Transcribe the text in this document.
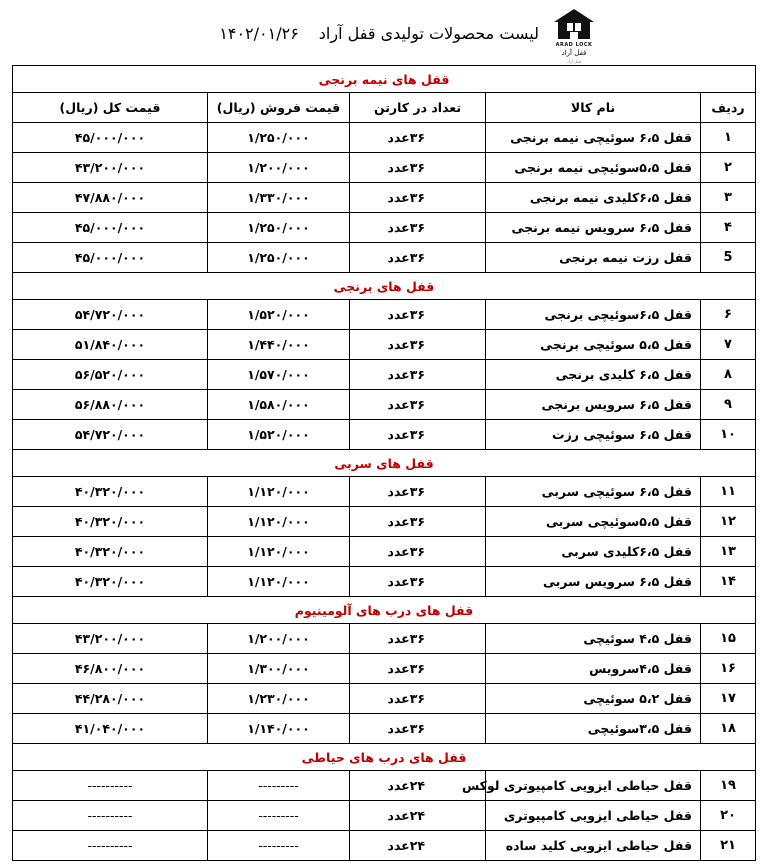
ARAD LOCK
قفل آراد
قفل آراد
لیست محصولات تولیدی قفل آراد۱۴۰۲/۰۱/۲۶
قفل های نیمه برنجی				
ردیف	نام کالا	تعداد در کارتن	قیمت فروش (ریال)	قیمت کل (ریال)
۱	قفل ۶،۵ سوئیچی نیمه برنجی	۳۶عدد	۱/۲۵۰/۰۰۰	۴۵/۰۰۰/۰۰۰
۲	قفل ۵،۵سوئیچی نیمه برنجی	۳۶عدد	۱/۲۰۰/۰۰۰	۴۳/۲۰۰/۰۰۰
۳	قفل ۶،۵کلیدی نیمه برنجی	۳۶عدد	۱/۳۳۰/۰۰۰	۴۷/۸۸۰/۰۰۰
۴	قفل ۶،۵ سرویس نیمه برنجی	۳۶عدد	۱/۲۵۰/۰۰۰	۴۵/۰۰۰/۰۰۰
5	قفل رزت نیمه برنجی	۳۶عدد	۱/۲۵۰/۰۰۰	۴۵/۰۰۰/۰۰۰
قفل های برنجی				
۶	قفل ۶،۵سوئیچی برنجی	۳۶عدد	۱/۵۲۰/۰۰۰	۵۴/۷۲۰/۰۰۰
۷	قفل ۵،۵ سوئیچی برنجی	۳۶عدد	۱/۴۴۰/۰۰۰	۵۱/۸۴۰/۰۰۰
۸	قفل ۶،۵ کلیدی برنجی	۳۶عدد	۱/۵۷۰/۰۰۰	۵۶/۵۲۰/۰۰۰
۹	قفل ۶،۵ سرویس برنجی	۳۶عدد	۱/۵۸۰/۰۰۰	۵۶/۸۸۰/۰۰۰
۱۰	قفل ۶،۵ سوئیچی رزت	۳۶عدد	۱/۵۲۰/۰۰۰	۵۴/۷۲۰/۰۰۰
قفل های سربی				
۱۱	قفل ۶،۵ سوئیچی سربی	۳۶عدد	۱/۱۲۰/۰۰۰	۴۰/۳۲۰/۰۰۰
۱۲	قفل ۵،۵سوئیچی سربی	۳۶عدد	۱/۱۲۰/۰۰۰	۴۰/۳۲۰/۰۰۰
۱۳	قفل ۶،۵کلیدی سربی	۳۶عدد	۱/۱۲۰/۰۰۰	۴۰/۳۲۰/۰۰۰
۱۴	قفل ۶،۵ سرویس سربی	۳۶عدد	۱/۱۲۰/۰۰۰	۴۰/۳۲۰/۰۰۰
قفل های درب های آلومینیوم				
۱۵	قفل ۴،۵ سوئیچی	۳۶عدد	۱/۲۰۰/۰۰۰	۴۳/۲۰۰/۰۰۰
۱۶	قفل ۴،۵سرویس	۳۶عدد	۱/۳۰۰/۰۰۰	۴۶/۸۰۰/۰۰۰
۱۷	قفل ۵،۲ سوئیچی	۳۶عدد	۱/۲۳۰/۰۰۰	۴۴/۲۸۰/۰۰۰
۱۸	قفل ۳،۵سوئیچی	۳۶عدد	۱/۱۴۰/۰۰۰	۴۱/۰۴۰/۰۰۰
قفل های درب های حیاطی				
۱۹	قفل حیاطی ایزویی کامپیوتری لوکس	۲۴عدد	---------	----------
۲۰	قفل حیاطی ایزویی کامپیوتری	۲۴عدد	---------	----------
۲۱	قفل حیاطی ایزویی کلید ساده	۲۴عدد	---------	----------
